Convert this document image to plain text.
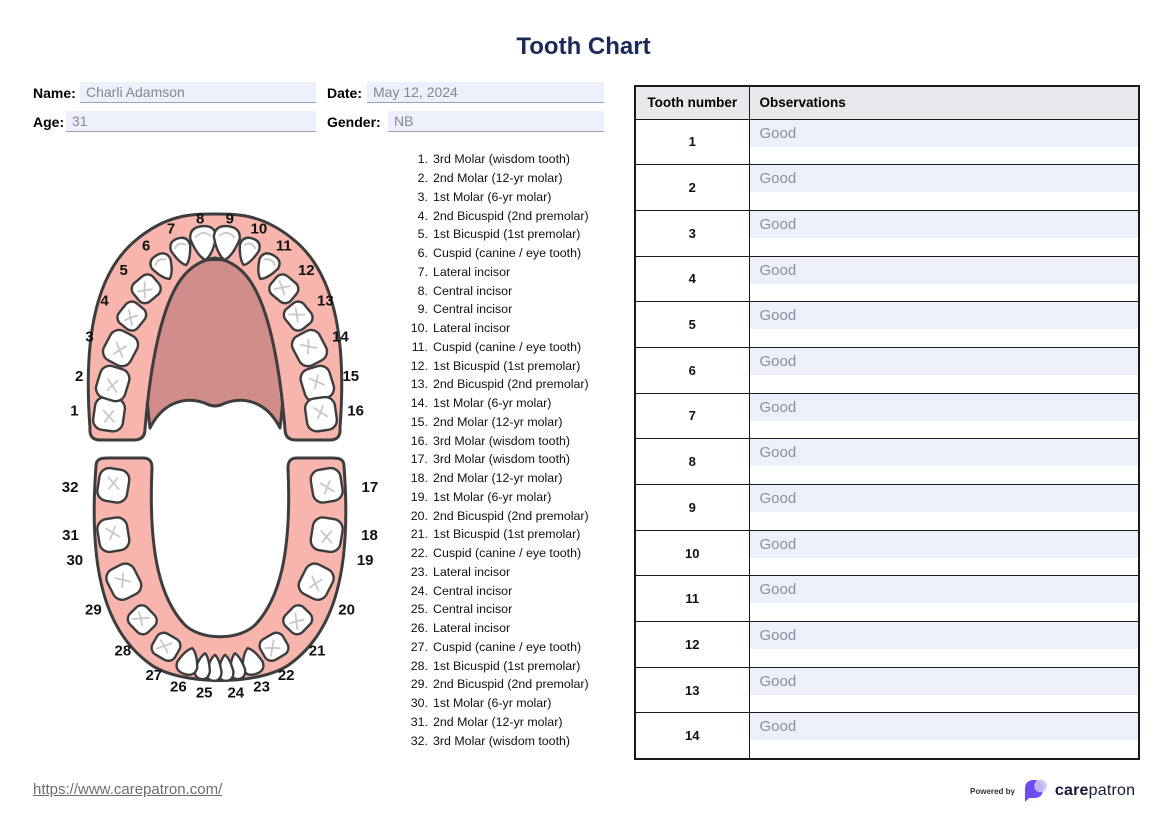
Tooth Chart
Name: Charli Adamson	Date: May 12, 2024
Age: 31	Gender: NB
1
2
3
4
5
6
7
8 9
10
11
12
13
14
15
16
17
18
19
20
21
22
23
24
25
26
27
28
29
30
31
32
1. 3rd Molar (wisdom tooth)
2. 2nd Molar (12-yr molar)
3. 1st Molar (6-yr molar)
4. 2nd Bicuspid (2nd premolar)
5. 1st Bicuspid (1st premolar)
6. Cuspid (canine / eye tooth)
7. Lateral incisor
8. Central incisor
9. Central incisor
10. Lateral incisor
11. Cuspid (canine / eye tooth)
12. 1st Bicuspid (1st premolar)
13. 2nd Bicuspid (2nd premolar)
14. 1st Molar (6-yr molar)
15. 2nd Molar (12-yr molar)
16. 3rd Molar (wisdom tooth)
17. 3rd Molar (wisdom tooth)
18. 2nd Molar (12-yr molar)
19. 1st Molar (6-yr molar)
20. 2nd Bicuspid (2nd premolar)
21. 1st Bicuspid (1st premolar)
22. Cuspid (canine / eye tooth)
23. Lateral incisor
24. Central incisor
25. Central incisor
26. Lateral incisor
27. Cuspid (canine / eye tooth)
28. 1st Bicuspid (1st premolar)
29. 2nd Bicuspid (2nd premolar)
30. 1st Molar (6-yr molar)
31. 2nd Molar (12-yr molar)
32. 3rd Molar (wisdom tooth)
Tooth number	Observations
1	Good

2	Good

3	Good

4	Good

5	Good

6	Good

7	Good

8	Good

9	Good

10	Good

11	Good

12	Good

13	Good

14	Good
https://www.carepatron.com/	Powered by	carepatron
